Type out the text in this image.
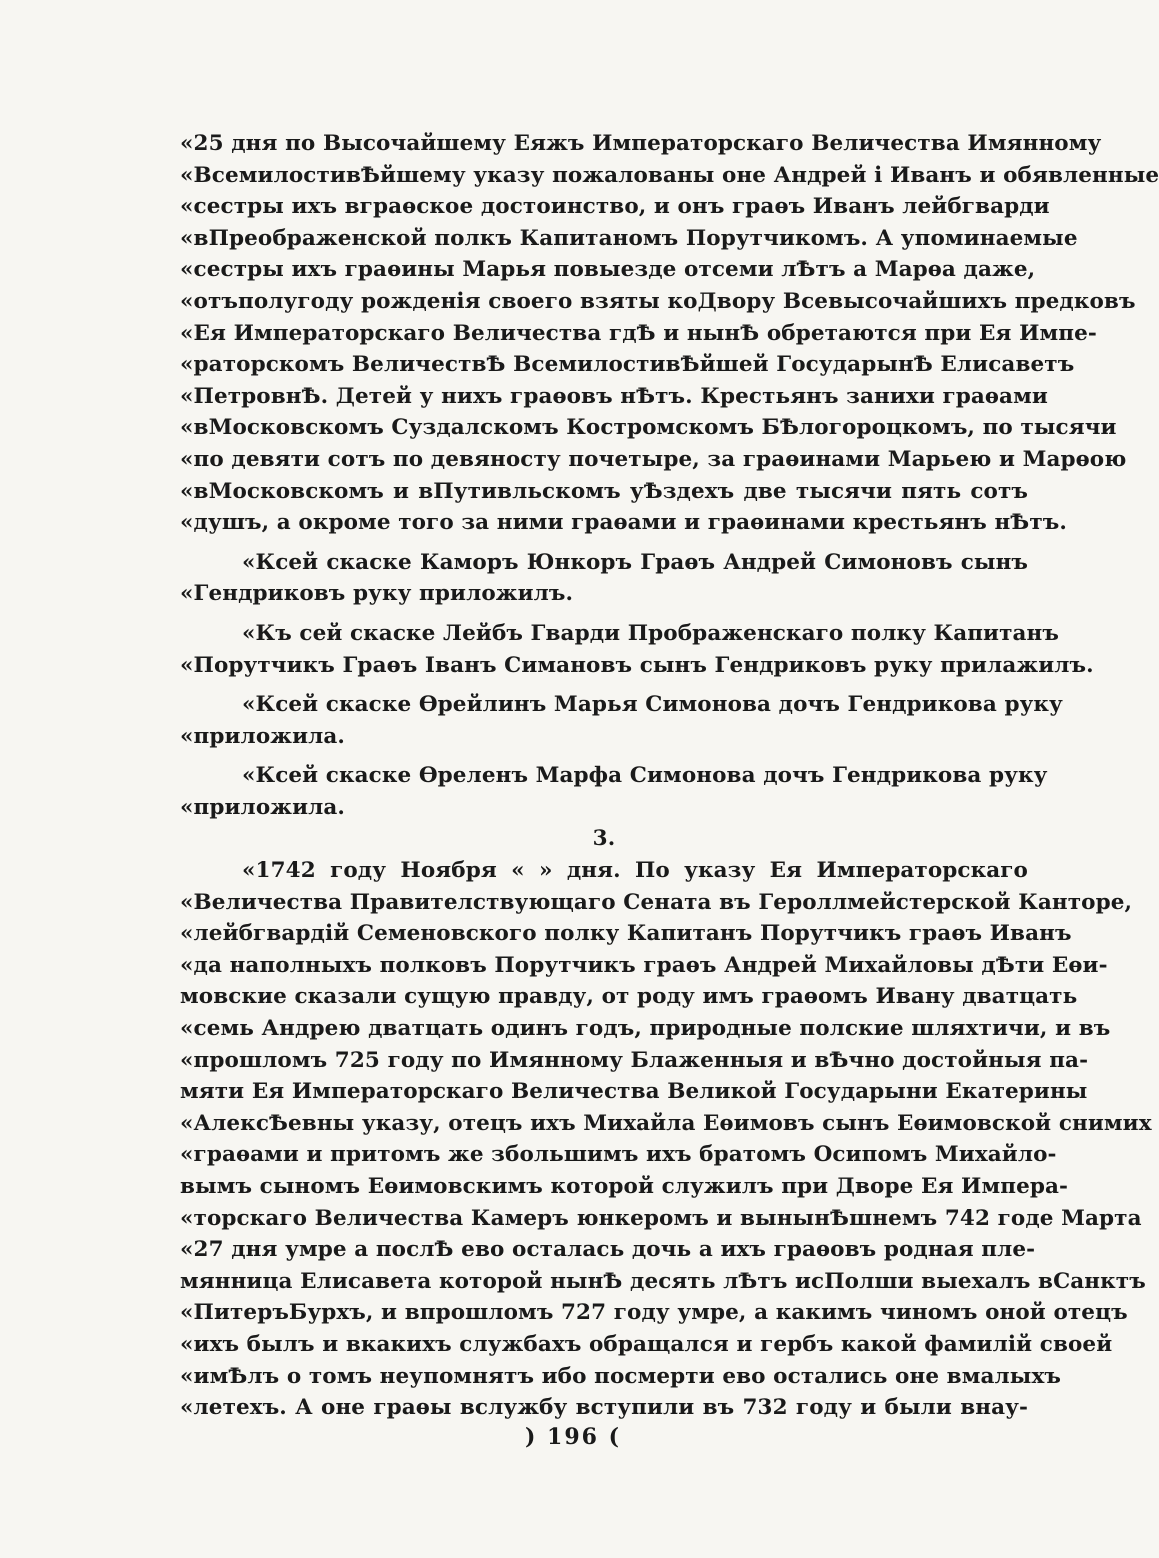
«25 дня по Высочайшему Еяжъ Императорскаго Величества Имянному
«ВсемилостивѢйшему указу пожалованы оне Андрей і Иванъ и обявленные
«сестры ихъ вграѳское достоинство, и онъ граѳъ Иванъ лейбгварди
«вПреображенской полкъ Капитаномъ Порутчикомъ. А упоминаемые
«сестры ихъ граѳины Марья повыезде отсеми лѢтъ а Марѳа даже,
«отъполугоду рожденія своего взяты коДвору Всевысочайшихъ предковъ
«Ея Императорскаго Величества гдѢ и нынѢ обретаются при Ея Импе-
«раторскомъ ВеличествѢ ВсемилостивѢйшей ГосударынѢ Елисаветъ
«ПетровнѢ. Детей у нихъ граѳовъ нѢтъ. Крестьянъ занихи граѳами
«вМосковскомъ Суздалскомъ Костромскомъ БѢлогороцкомъ, по тысячи
«по девяти сотъ по девяносту почетыре, за граѳинами Марьею и Марѳою
«вМосковскомъ и вПутивльскомъ уѢздехъ две тысячи пять сотъ
«душъ, а окроме того за ними граѳами и граѳинами крестьянъ нѢтъ.
«Ксей скаске Каморъ Юнкоръ Граѳъ Андрей Симоновъ сынъ
«Гендриковъ руку приложилъ.
«Къ сей скаске Лейбъ Гварди Прображенскаго полку Капитанъ
«Порутчикъ Граѳъ Іванъ Симановъ сынъ Гендриковъ руку прилажилъ.
«Ксей скаске Ѳрейлинъ Марья Симонова дочъ Гендрикова руку
«приложила.
«Ксей скаске Ѳреленъ Марфа Симонова дочъ Гендрикова руку
«приложила.
3.
«1742 году Ноября « » дня. По указу Ея Императорскаго
«Величества Правителствующаго Сената въ Героллмейстерской Канторе,
«лейбгвардій Семеновского полку Капитанъ Порутчикъ граѳъ Иванъ
«да наполныхъ полковъ Порутчикъ граѳъ Андрей Михайловы дѢти Еѳи-
мовские сказали сущую правду, от роду имъ граѳомъ Ивану дватцать
«семь Андрею дватцать одинъ годъ, природные полские шляхтичи, и въ
«прошломъ 725 году по Имянному Блаженныя и вѢчно достойныя па-
мяти Ея Императорскаго Величества Великой Государыни Екатерины
«АлексѢевны указу, отецъ ихъ Михайла Еѳимовъ сынъ Еѳимовской снимих
«граѳами и притомъ же збольшимъ ихъ братомъ Осипомъ Михайло-
вымъ сыномъ Еѳимовскимъ которой служилъ при Дворе Ея Импера-
«торскаго Величества Камеръ юнкеромъ и вынынѢшнемъ 742 годе Марта
«27 дня умре а послѢ ево осталась дочь а ихъ граѳовъ родная пле-
мянница Елисавета которой нынѢ десять лѢтъ исПолши выехалъ вСанктъ
«ПитеръБурхъ, и впрошломъ 727 году умре, а какимъ чиномъ оной отецъ
«ихъ былъ и вкакихъ службахъ обращался и гербъ какой фамилій своей
«имѢлъ о томъ неупомнятъ ибо посмерти ево остались оне вмалыхъ
«летехъ. А оне граѳы вслужбу вступили въ 732 году и были внау-
) 196 (
